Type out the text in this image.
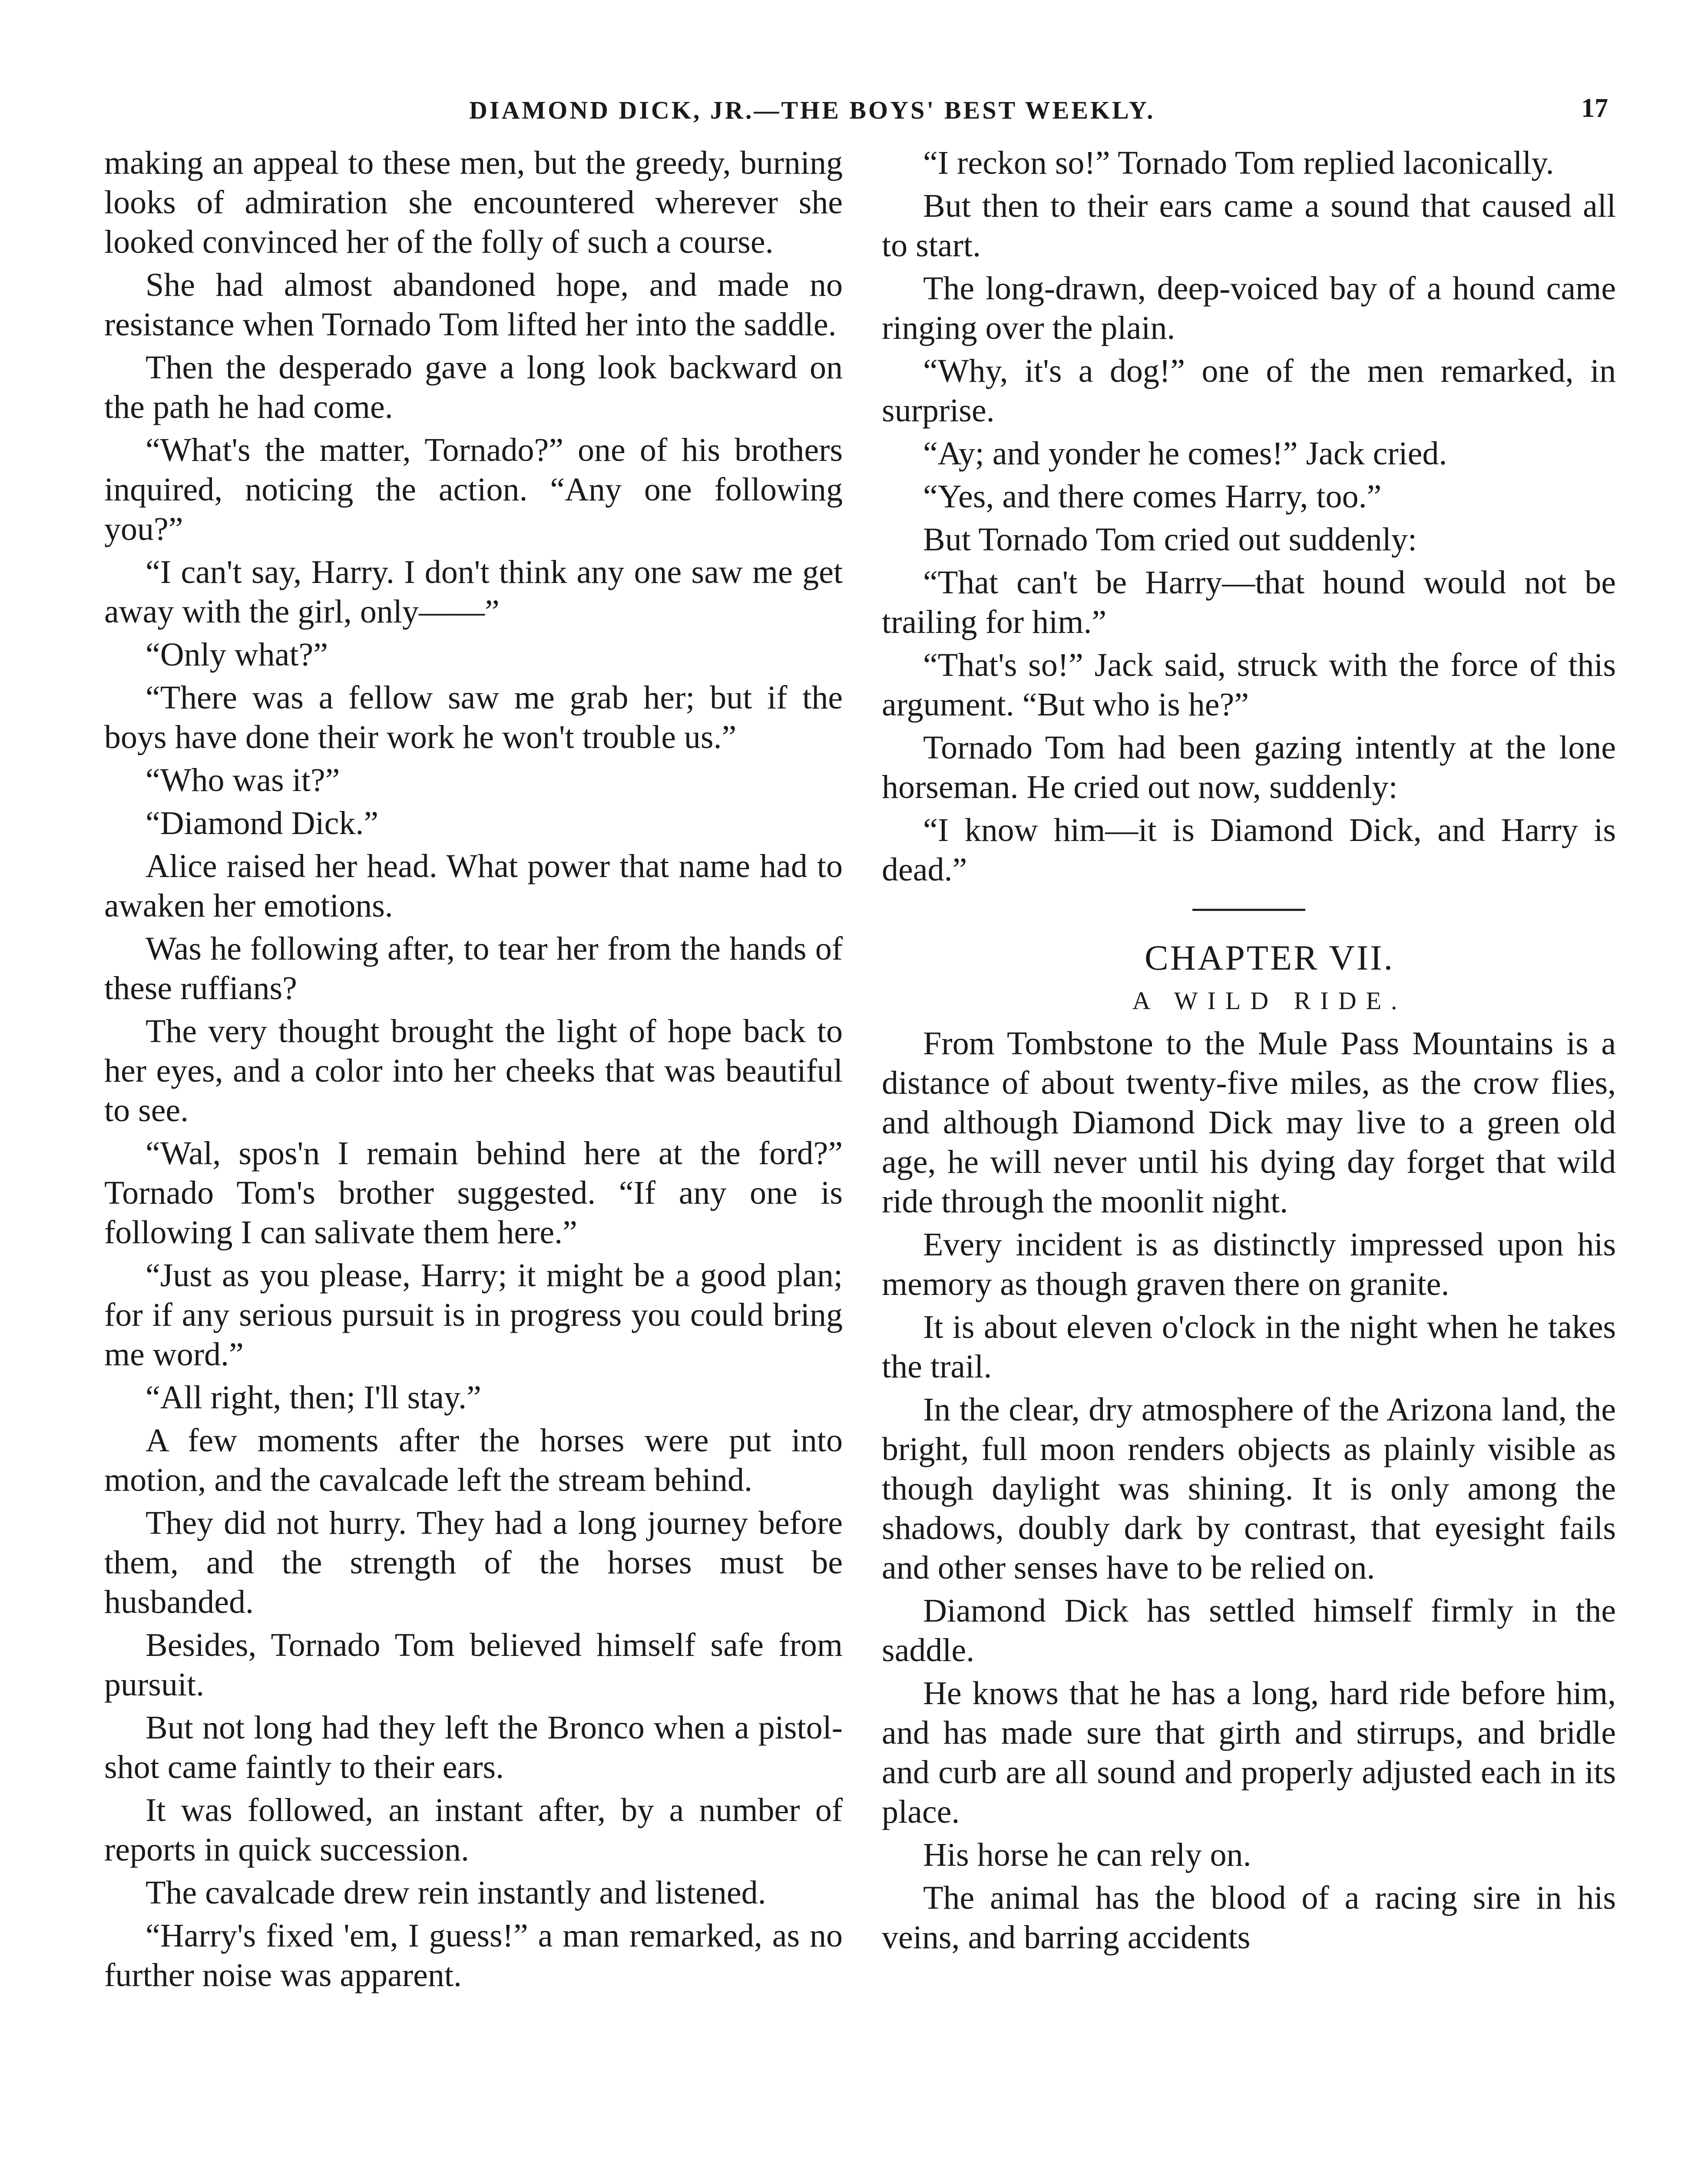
DIAMOND DICK, JR.—THE BOYS' BEST WEEKLY.	17

making an appeal to these men, but the greedy, burning looks of admiration she encountered wherever she looked convinced her of the folly of such a course.

She had almost abandoned hope, and made no resistance when Tornado Tom lifted her into the saddle.

Then the desperado gave a long look backward on the path he had come.

“What's the matter, Tornado?” one of his brothers inquired, noticing the action. “Any one following you?”

“I can't say, Harry. I don't think any one saw me get away with the girl, only——”

“Only what?”

“There was a fellow saw me grab her; but if the boys have done their work he won't trouble us.”

“Who was it?”

“Diamond Dick.”

Alice raised her head. What power that name had to awaken her emotions.

Was he following after, to tear her from the hands of these ruffians?

The very thought brought the light of hope back to her eyes, and a color into her cheeks that was beautiful to see.

“Wal, spos'n I remain behind here at the ford?” Tornado Tom's brother suggested. “If any one is following I can salivate them here.”

“Just as you please, Harry; it might be a good plan; for if any serious pursuit is in progress you could bring me word.”

“All right, then; I'll stay.”

A few moments after the horses were put into motion, and the cavalcade left the stream behind.

They did not hurry. They had a long journey before them, and the strength of the horses must be husbanded.

Besides, Tornado Tom believed himself safe from pursuit.

But not long had they left the Bronco when a pistol-shot came faintly to their ears.

It was followed, an instant after, by a number of reports in quick succession.

The cavalcade drew rein instantly and listened.

“Harry's fixed 'em, I guess!” a man remarked, as no further noise was apparent.

“I reckon so!” Tornado Tom replied laconically.

But then to their ears came a sound that caused all to start.

The long-drawn, deep-voiced bay of a hound came ringing over the plain.

“Why, it's a dog!” one of the men remarked, in surprise.

“Ay; and yonder he comes!” Jack cried.

“Yes, and there comes Harry, too.”

But Tornado Tom cried out suddenly:

“That can't be Harry—that hound would not be trailing for him.”

“That's so!” Jack said, struck with the force of this argument. “But who is he?”

Tornado Tom had been gazing intently at the lone horseman. He cried out now, suddenly:

“I know him—it is Diamond Dick, and Harry is dead.”

CHAPTER VII.

A WILD RIDE.

From Tombstone to the Mule Pass Mountains is a distance of about twenty-five miles, as the crow flies, and although Diamond Dick may live to a green old age, he will never until his dying day forget that wild ride through the moonlit night.

Every incident is as distinctly impressed upon his memory as though graven there on granite.

It is about eleven o'clock in the night when he takes the trail.

In the clear, dry atmosphere of the Arizona land, the bright, full moon renders objects as plainly visible as though daylight was shining. It is only among the shadows, doubly dark by contrast, that eyesight fails and other senses have to be relied on.

Diamond Dick has settled himself firmly in the saddle.

He knows that he has a long, hard ride before him, and has made sure that girth and stirrups, and bridle and curb are all sound and properly adjusted each in its place.

His horse he can rely on.

The animal has the blood of a racing sire in his veins, and barring accidents
